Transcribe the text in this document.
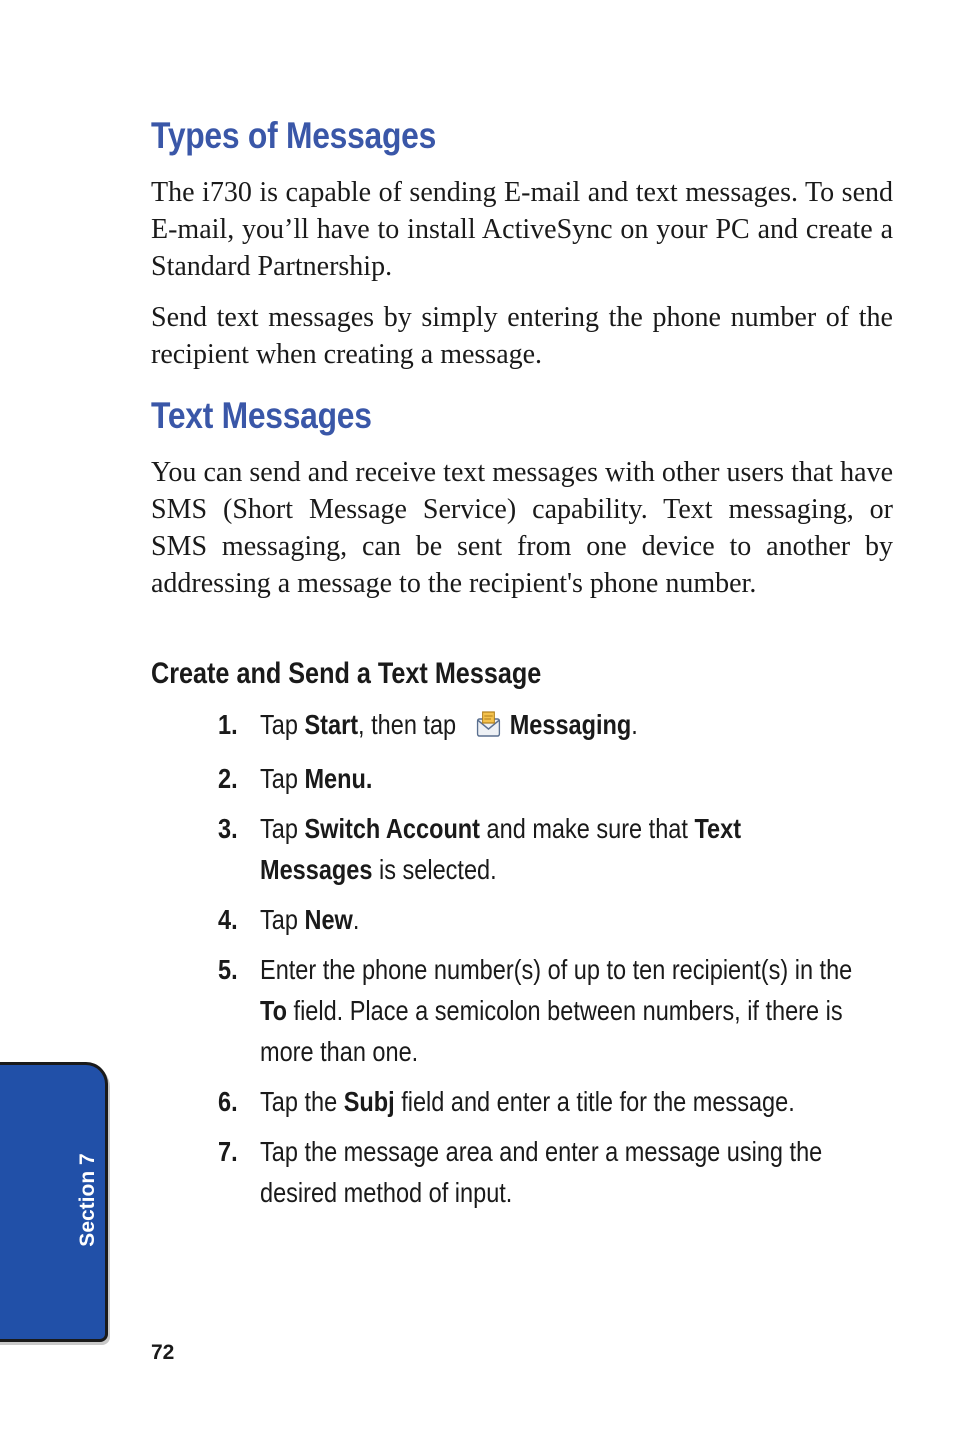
Types of Messages

The i730 is capable of sending E-mail and text messages. To send E-mail, you’ll have to install ActiveSync on your PC and create a Standard Partnership.

Send text messages by simply entering the phone number of the recipient when creating a message.

Text Messages

You can send and receive text messages with other users that have SMS (Short Message Service) capability. Text messaging, or SMS messaging, can be sent from one device to another by addressing a message to the recipient's phone number.

Create and Send a Text Message
1. Tap Start, then tap Messaging.
2. Tap Menu.
3. Tap Switch Account and make sure that Text Messages is selected.
4. Tap New.
5. Enter the phone number(s) of up to ten recipient(s) in the To field. Place a semicolon between numbers, if there is more than one.
6. Tap the Subj field and enter a title for the message.
7. Tap the message area and enter a message using the desired method of input.
Section 7
72
